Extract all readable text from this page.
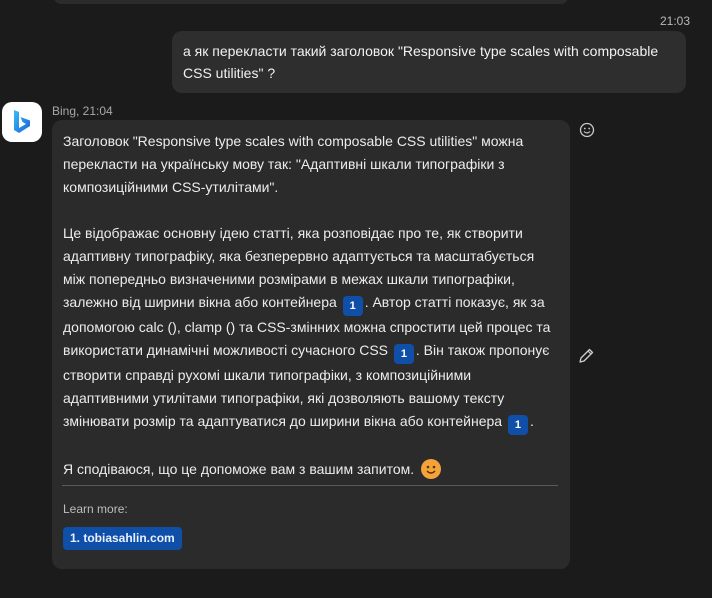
21:03
а як перекласти такий заголовок "Responsive type scales with composable CSS utilities" ?
Bing, 21:04

Заголовок "Responsive type scales with composable CSS utilities" можна перекласти на українську мову так: "Адаптивні шкали типографіки з композиційними CSS-утилітами".

Це відображає основну ідею статті, яка розповідає про те, як створити адаптивну типографіку, яка безперервно адаптується та масштабується між попередньо визначеними розмірами в межах шкали типографіки, залежно від ширини вікна або контейнера 1 . Автор статті показує, як за допомогою calc (), clamp () та CSS-змінних можна спростити цей процес та використати динамічні можливості сучасного CSS 1 . Він також пропонує створити справді рухомі шкали типографіки, з композиційними адаптивними утилітами типографіки, які дозволяють вашому тексту змінювати розмір та адаптуватися до ширини вікна або контейнера 1 .

Я сподіваюся, що це допоможе вам з вашим запитом.

Learn more:
1. tobiasahlin.com
